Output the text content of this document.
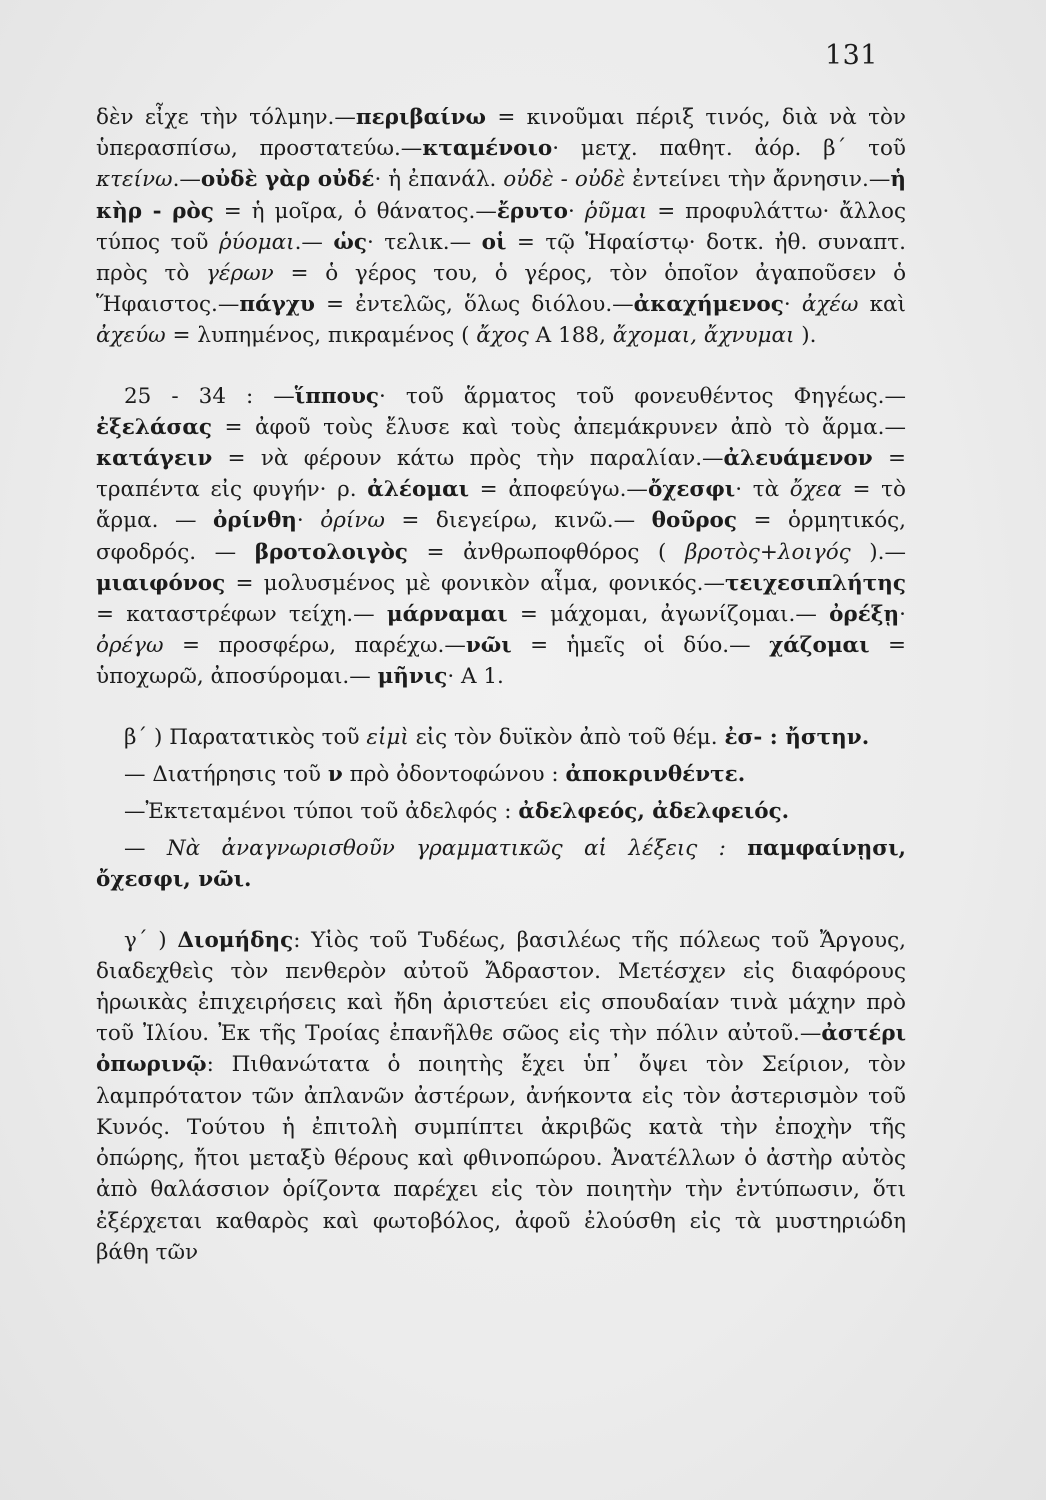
131

δὲν εἶχε τὴν τόλμην.—περιβαίνω = κινοῦμαι πέριξ τινός, διὰ νὰ τὸν ὑπερασπίσω, προστατεύω.—κταμένοιο· μετχ. παθητ. ἀόρ. β΄ τοῦ κτείνω.—οὐδὲ γὰρ οὐδέ· ἡ ἐπανάλ. οὐδὲ - οὐδὲ ἐντείνει τὴν ἄρνησιν.—ἡ κὴρ - ρὸς = ἡ μοῖρα, ὁ θάνατος.—ἔρυτο· ῥῦμαι = προφυλάττω· ἄλλος τύπος τοῦ ῥύομαι.— ὡς· τελικ.— οἱ = τῷ Ἡφαίστῳ· δοτκ. ἠθ. συναπτ. πρὸς τὸ γέρων = ὁ γέρος του, ὁ γέρος, τὸν ὁποῖον ἀγαποῦσεν ὁ Ἥφαιστος.—πάγχυ = ἐντελῶς, ὅλως διόλου.—ἀκαχήμενος· ἀχέω καὶ ἀχεύω = λυπημένος, πικραμένος ( ἄχος Α 188, ἄχομαι, ἄχνυμαι ).

25 - 34 : —ἵππους· τοῦ ἅρματος τοῦ φονευθέντος Φηγέως.— ἐξελάσας = ἀφοῦ τοὺς ἔλυσε καὶ τοὺς ἀπεμάκρυνεν ἀπὸ τὸ ἅρμα.—κατάγειν = νὰ φέρουν κάτω πρὸς τὴν παραλίαν.—ἀλευάμενον = τραπέντα εἰς φυγήν· ρ. ἀλέομαι = ἀποφεύγω.—ὄχεσφι· τὰ ὄχεα = τὸ ἅρμα. — ὀρίνθη· ὀρίνω = διεγείρω, κινῶ.— θοῦρος = ὁρμητικός, σφοδρός. — βροτολοιγὸς = ἀνθρωποφθόρος ( βροτὸς+λοιγός ).—μιαιφόνος = μολυσμένος μὲ φονικὸν αἷμα, φονικός.—τειχεσιπλήτης = καταστρέφων τείχη.— μάρναμαι = μάχομαι, ἀγωνίζομαι.— ὀρέξῃ· ὀρέγω = προσφέρω, παρέχω.—νῶι = ἡμεῖς οἱ δύο.— χάζομαι = ὑποχωρῶ, ἀποσύρομαι.— μῆνις· Α 1.

β΄ ) Παρατατικὸς τοῦ εἰμὶ εἰς τὸν δυϊκὸν ἀπὸ τοῦ θέμ. ἐσ- : ἤστην.

— Διατήρησις τοῦ ν πρὸ ὀδοντοφώνου : ἀποκρινθέντε.

—Ἐκτεταμένοι τύποι τοῦ ἀδελφός : ἀδελφεός, ἀδελφειός.

— Νὰ ἀναγνωρισθοῦν γραμματικῶς αἱ λέξεις : παμφαίνῃσι, ὄχεσφι, νῶι.

γ΄ ) Διομήδης: Υἱὸς τοῦ Τυδέως, βασιλέως τῆς πόλεως τοῦ Ἄργους, διαδεχθεὶς τὸν πενθερὸν αὐτοῦ Ἄδραστον. Μετέσχεν εἰς διαφόρους ἡρωικὰς ἐπιχειρήσεις καὶ ἤδη ἀριστεύει εἰς σπουδαίαν τινὰ μάχην πρὸ τοῦ Ἰλίου. Ἐκ τῆς Τροίας ἐπανῆλθε σῶος εἰς τὴν πόλιν αὐτοῦ.—ἀστέρι ὀπωρινῷ: Πιθανώτατα ὁ ποιητὴς ἔχει ὑπ᾽ ὄψει τὸν Σείριον, τὸν λαμπρότατον τῶν ἀπλανῶν ἀστέρων, ἀνήκοντα εἰς τὸν ἀστερισμὸν τοῦ Κυνός. Τούτου ἡ ἐπιτολὴ συμπίπτει ἀκριβῶς κατὰ τὴν ἐποχὴν τῆς ὀπώρης, ἤτοι μεταξὺ θέρους καὶ φθινοπώρου. Ἀνατέλλων ὁ ἀστὴρ αὐτὸς ἀπὸ θαλάσσιον ὁρίζοντα παρέχει εἰς τὸν ποιητὴν τὴν ἐντύπωσιν, ὅτι ἐξέρχεται καθαρὸς καὶ φωτοβόλος, ἀφοῦ ἐλούσθη εἰς τὰ μυστηριώδη βάθη τῶν
